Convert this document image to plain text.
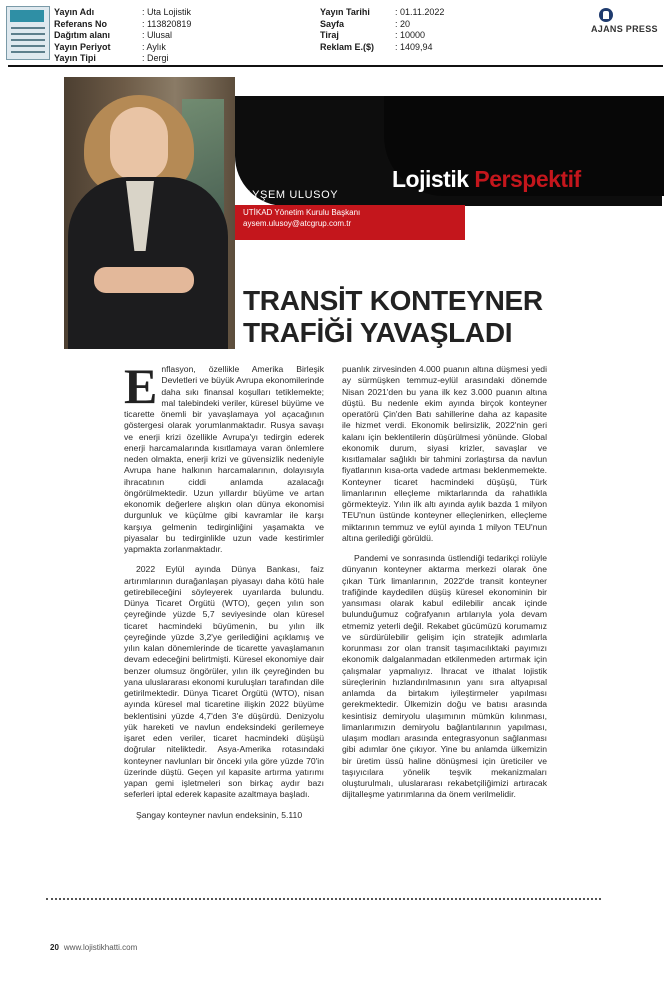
Yayın Adı	: Uta Lojistik
Referans No	: 113820819
Dağıtım alanı	: Ulusal
Yayın Periyot	: Aylık
Yayın Tipi	: Dergi
Yayın Tarihi	: 01.11.2022
Sayfa	: 20
Tiraj	: 10000
Reklam E.($)	: 1409,94
AJANS PRESS
Lojistik Perspektif
AYŞEM ULUSOY
UTİKAD Yönetim Kurulu Başkanı
aysem.ulusoy@atcgrup.com.tr
TRANSİT KONTEYNER
TRAFİĞİ YAVAŞLADI

Enflasyon, özellikle Amerika Birleşik Devletleri ve büyük Avrupa ekonomilerinde daha sıkı finansal koşulları tetiklemekte; mal talebindeki veriler, küresel büyüme ve ticarette önemli bir yavaşlamaya yol açacağının göstergesi olarak yorumlanmaktadır. Rusya savaşı ve enerji krizi özellikle Avrupa'yı tedirgin ederek enerji harcamalarında kısıtlamaya varan önlemlere neden olmakta, enerji krizi ve güvensizlik nedeniyle Avrupa hane halkının harcamalarının, dolayısıyla ihracatının ciddi anlamda azalacağı öngörülmektedir. Uzun yıllardır büyüme ve artan ekonomik değerlere alışkın olan dünya ekonomisi durgunluk ve küçülme gibi kavramlar ile karşı karşıya gelmenin tedirginliğini yaşamakta ve piyasalar bu tedirginlikle uzun vade kestirimler yapmakta zorlanmaktadır.

2022 Eylül ayında Dünya Bankası, faiz artırımlarının durağanlaşan piyasayı daha kötü hale getirebileceğini söyleyerek uyarılarda bulundu. Dünya Ticaret Örgütü (WTO), geçen yılın son çeyreğinde yüzde 5,7 seviyesinde olan küresel ticaret hacmindeki büyümenin, bu yılın ilk çeyreğinde yüzde 3,2'ye gerilediğini açıklamış ve yılın kalan dönemlerinde de ticarette yavaşlamanın devam edeceğini belirtmişti. Küresel ekonomiye dair benzer olumsuz öngörüler, yılın ilk çeyreğinden bu yana uluslararası ekonomi kuruluşları tarafından dile getirilmektedir. Dünya Ticaret Örgütü (WTO), nisan ayında küresel mal ticaretine ilişkin 2022 büyüme beklentisini yüzde 4,7'den 3'e düşürdü. Denizyolu yük hareketi ve navlun endeksindeki gerilemeye işaret eden veriler, ticaret hacmindeki düşüşü doğrular niteliktedir. Asya-Amerika rotasındaki konteyner navlunları bir önceki yıla göre yüzde 70'in üzerinde düştü. Geçen yıl kapasite artırma yatırımı yapan gemi işletmeleri son birkaç aydır bazı seferleri iptal ederek kapasite azaltmaya başladı.

Şangay konteyner navlun endeksinin, 5.110

puanlık zirvesinden 4.000 puanın altına düşmesi yedi ay sürmüşken temmuz-eylül arasındaki dönemde Nisan 2021'den bu yana ilk kez 3.000 puanın altına düştü. Bu nedenle ekim ayında birçok konteyner operatörü Çin'den Batı sahillerine daha az kapasite ile hizmet verdi. Ekonomik belirsizlik, 2022'nin geri kalanı için beklentilerin düşürülmesi yönünde. Global ekonomik durum, siyasi krizler, savaşlar ve kısıtlamalar sağlıklı bir tahmini zorlaştırsa da navlun fiyatlarının kısa-orta vadede artması beklenmemekte. Konteyner ticaret hacmindeki düşüşü, Türk limanlarının elleçleme miktarlarında da rahatlıkla görmekteyiz. Yılın ilk altı ayında aylık bazda 1 milyon TEU'nun üstünde konteyner elleçlenirken, elleçleme miktarının temmuz ve eylül ayında 1 milyon TEU'nun altına gerilediği görüldü.

Pandemi ve sonrasında üstlendiği tedarikçi rolüyle dünyanın konteyner aktarma merkezi olarak öne çıkan Türk limanlarının, 2022'de transit konteyner trafiğinde kaydedilen düşüş küresel ekonominin bir yansıması olarak kabul edilebilir ancak içinde bulunduğumuz coğrafyanın artılarıyla yola devam etmemiz yeterli değil. Rekabet gücümüzü korumamız ve sürdürülebilir gelişim için stratejik adımlarla korunması zor olan transit taşımacılıktaki payımızı ekonomik dalgalanmadan etkilenmeden artırmak için çalışmalar yapmalıyız. İhracat ve ithalat lojistik süreçlerinin hızlandırılmasının yanı sıra altyapısal anlamda da birtakım iyileştirmeler yapılması gerekmektedir. Ülkemizin doğu ve batısı arasında kesintisiz demiryolu ulaşımının mümkün kılınması, limanlarımızın demiryolu bağlantılarının yapılması, ulaşım modları arasında entegrasyonun sağlanması gibi adımlar öne çıkıyor. Yine bu anlamda ülkemizin bir üretim üssü haline dönüşmesi için üreticiler ve taşıyıcılara yönelik teşvik mekanizmaları oluşturulmalı, uluslararası rekabetçiliğimizi artıracak dijitalleşme yatırımlarına da önem verilmelidir.

20 www.lojistikhatti.com
